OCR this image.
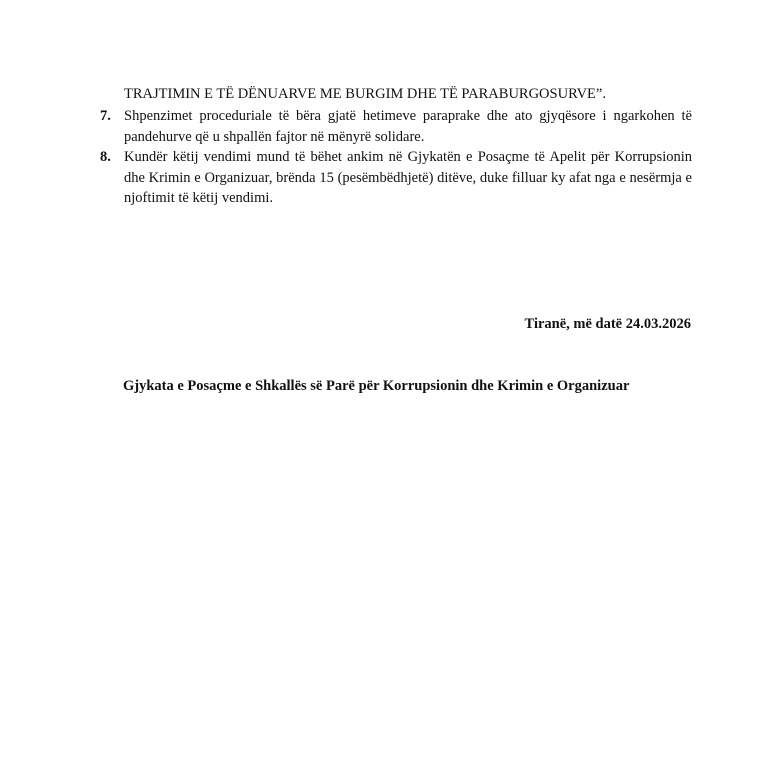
TRAJTIMIN E TË DËNUARVE ME BURGIM DHE TË PARABURGOSURVE”.
7. Shpenzimet proceduriale të bëra gjatë hetimeve paraprake dhe ato gjyqësore i ngarkohen të pandehurve që u shpallën fajtor në mënyrë solidare.
8. Kundër këtij vendimi mund të bëhet ankim në Gjykatën e Posaçme të Apelit për Korrupsionin dhe Krimin e Organizuar, brënda 15 (pesëmbëdhjetë) ditëve, duke filluar ky afat nga e nesërmja e njoftimit të këtij vendimi.
Tiranë, më datë 24.03.2026
Gjykata e Posaçme e Shkallës së Parë për Korrupsionin dhe Krimin e Organizuar
